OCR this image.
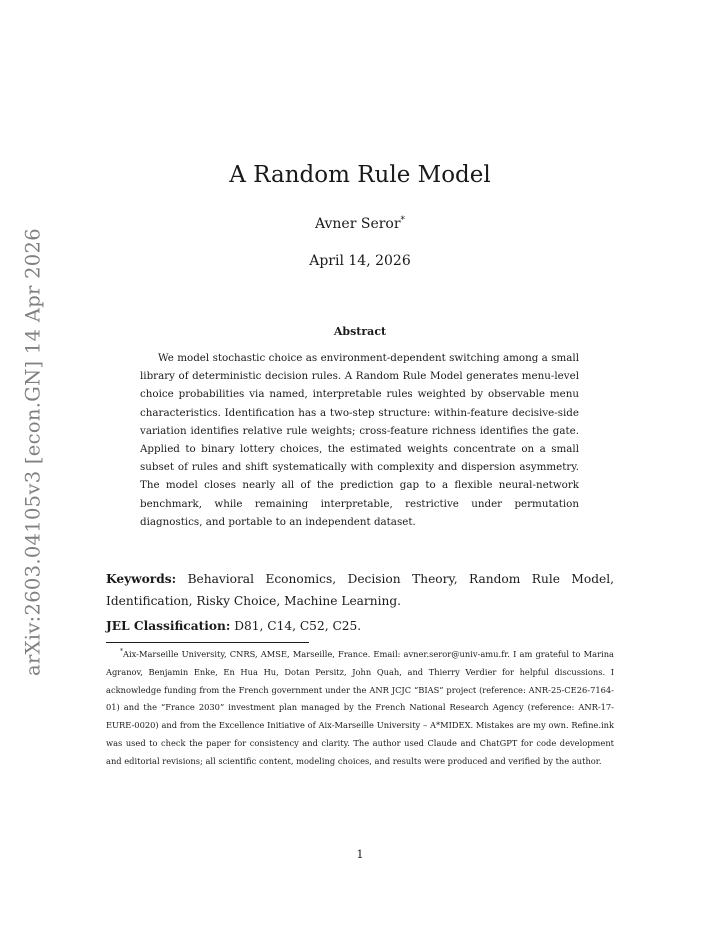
arXiv:2603.04105v3 [econ.GN] 14 Apr 2026
A Random Rule Model
Avner Seror*
April 14, 2026
Abstract

We model stochastic choice as environment-dependent switching among a small library of deterministic decision rules. A Random Rule Model generates menu-level choice probabilities via named, interpretable rules weighted by observable menu characteristics. Identification has a two-step structure: within-feature decisive-side variation identifies relative rule weights; cross-feature richness identifies the gate. Applied to binary lottery choices, the estimated weights concentrate on a small subset of rules and shift systematically with complexity and dispersion asymmetry. The model closes nearly all of the prediction gap to a flexible neural-network benchmark, while remaining interpretable, restrictive under permutation diagnostics, and portable to an independent dataset.

Keywords: Behavioral Economics, Decision Theory, Random Rule Model, Identification, Risky Choice, Machine Learning.

JEL Classification: D81, C14, C52, C25.

*Aix-Marseille University, CNRS, AMSE, Marseille, France. Email: avner.seror@univ-amu.fr. I am grateful to Marina Agranov, Benjamin Enke, En Hua Hu, Dotan Persitz, John Quah, and Thierry Verdier for helpful discussions. I acknowledge funding from the French government under the ANR JCJC “BIAS” project (reference: ANR-25-CE26-7164-01) and the “France 2030” investment plan managed by the French National Research Agency (reference: ANR-17-EURE-0020) and from the Excellence Initiative of Aix-Marseille University – A*MIDEX. Mistakes are my own. Refine.ink was used to check the paper for consistency and clarity. The author used Claude and ChatGPT for code development and editorial revisions; all scientific content, modeling choices, and results were produced and verified by the author.

1
